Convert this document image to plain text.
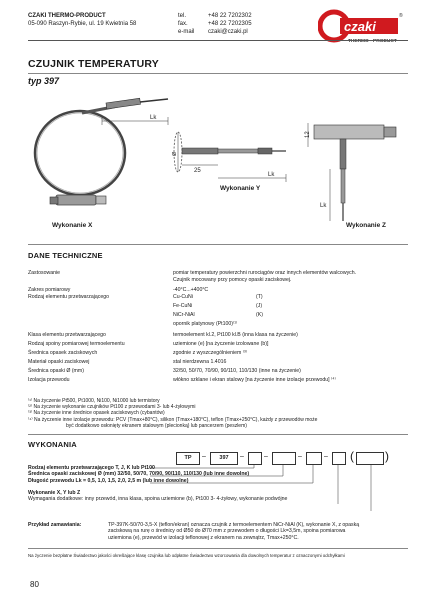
CZAKI THERMO-PRODUCT
05-090 Raszyn-Rybie, ul. 19 Kwietnia 58
tel.	+48 22 7202302
fax.	+48 22 7202305
e-mail czaki@czaki.pl	czaki
®
THERMO - PRODUCT
CZUJNIK TEMPERATURY
typ 397
Lk
Wykonanie X
Ø
25
Lk
Wykonanie Y
12
Lk
Wykonanie Z
DANE TECHNICZNE
Zastosowanie	pomiar temperatury powierzchni rurociągów oraz innych elementów walcowych.
Czujnik mocowany przy pomocy opaski zaciskowej.
Zakres pomiarowy	-40°C...+400°C
Rodzaj elementu przetwarzającego	Cu-CuNi	(T)
Fe-CuNi	(J)
NiCr-NiAl	(K)
opornik platynowy (Pt100)⁽¹⁾
Klasa elementu przetwarzającego	termoelement kl.2, Pt100 kl.B (inna klasa na życzenie)
Rodzaj spoiny pomiarowej termoelementu	uziemione (e) [na życzenie izolowane (b)]
Średnica opasek zaciskowych	zgodnie z wyszczególnieniem ⁽³⁾
Materiał opaski zaciskowej	stal nierdzewna 1.4016
Średnica opaski Ø (mm)	32/50, 50/70, 70/90, 90/110, 110/130 (inne na życzenie)
Izolacja przewodu	włókno szklane i ekran stalowy [na życzenie inne izolacje przewodu] ⁽⁴⁾
⁽¹⁾ Na życzenie Pt500, Pt1000, Ni100, Ni1000 lub termistory
⁽²⁾ Na życzenie wykonanie czujników Pt100 z przewodami 3- lub 4-żyłowymi
⁽³⁾ Na życzenie inne średnice opasek zaciskowych (cybantów)
⁽⁴⁾ Na życzenie inne izolacje przewodu: PCV (Tmax+80°C), silikon (Tmax+180°C), teflon (Tmax+250°C), każdy z przewodów może
być dodatkowo osłonięty ekranem stalowym (plecionką) lub pancerzem (peszlem)
WYKONANIA
TP	–	397	–	–	–	– (	)
Rodzaj elementu przetwarzającego T, J, K lub Pt100
Średnica opaski zaciskowej Ø (mm) 32/50, 50/70, 70/90, 90/110, 110/130 (lub inne dowolne)
Długość przewodu Lk = 0,5, 1,0, 1,5, 2,0, 2,5 m (lub inne dowolne)
Wykonanie X, Y lub Z
Wymagania dodatkowe: inny przewód, inna klasa, spoina uziemione (b), Pt100 3- 4-żyłowy, wykonanie podwójne
Przykład zamawiania:	TP-397K-50/70-3,5-X (teflon/ekran) oznacza czujnik z termoelementem NiCr-NiAl (K), wykonanie X, z opaską
zaciskową na rurę o średnicy od Ø50 do Ø70 mm z przewodem o długości Lk=3,5m, spoina pomiarowa
uziemiona (e), przewód w izolacji teflonowej z ekranem na zewnątrz, Tmax+250°C.
Na życzenie bezpłatne Świadectwo jakości określające klasę czujnika lub odpłatne Świadectwo wzorcowania dla dowolnych temperatur z oznaczonymi odchyłkami
80
